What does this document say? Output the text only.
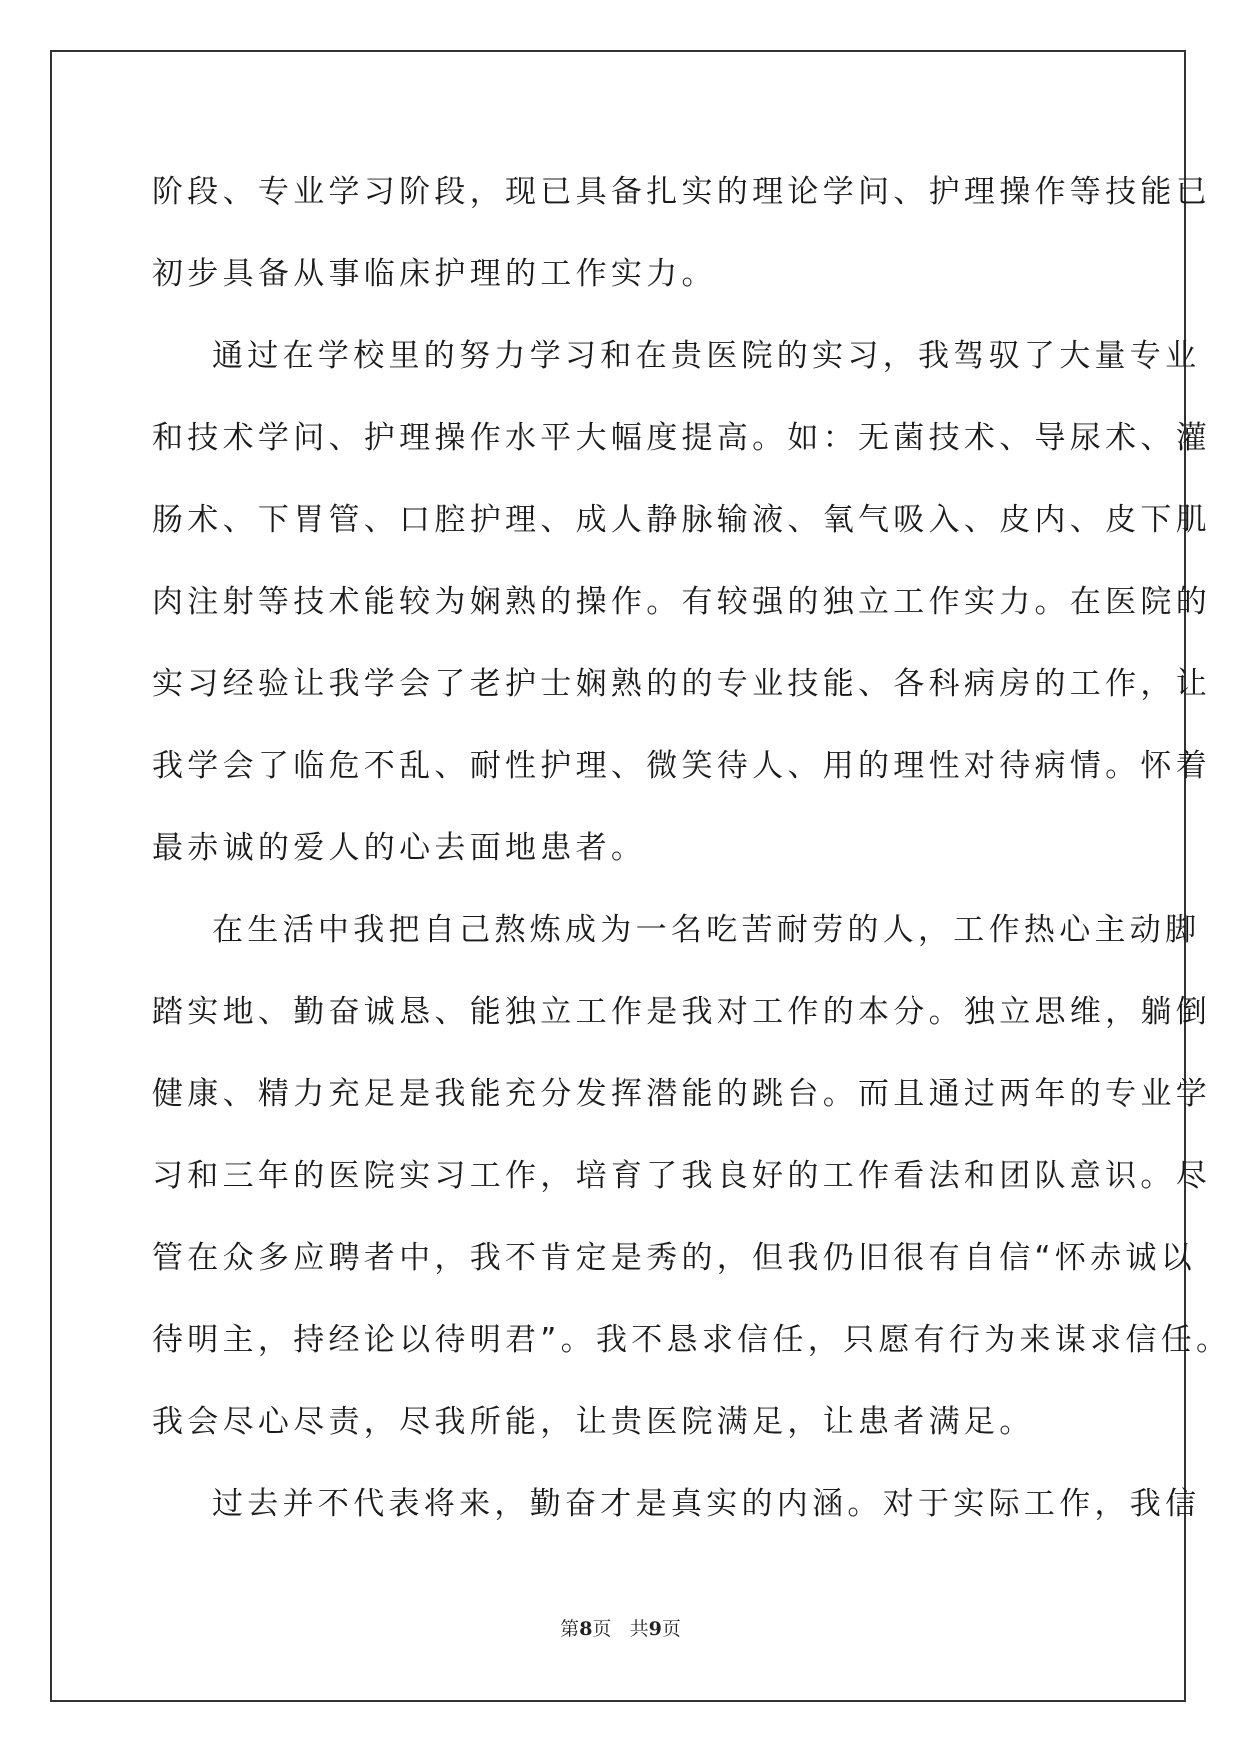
阶段、专业学习阶段，现已具备扎实的理论学问、护理操作等技能已
初步具备从事临床护理的工作实力。
通过在学校里的努力学习和在贵医院的实习，我驾驭了大量专业
和技术学问、护理操作水平大幅度提高。如：无菌技术、导尿术、灌
肠术、下胃管、口腔护理、成人静脉输液、氧气吸入、皮内、皮下肌
肉注射等技术能较为娴熟的操作。有较强的独立工作实力。在医院的
实习经验让我学会了老护士娴熟的的专业技能、各科病房的工作，让
我学会了临危不乱、耐性护理、微笑待人、用的理性对待病情。怀着
最赤诚的爱人的心去面地患者。
在生活中我把自己熬炼成为一名吃苦耐劳的人，工作热心主动脚
踏实地、勤奋诚恳、能独立工作是我对工作的本分。独立思维，躺倒
健康、精力充足是我能充分发挥潜能的跳台。而且通过两年的专业学
习和三年的医院实习工作，培育了我良好的工作看法和团队意识。尽
管在众多应聘者中，我不肯定是秀的，但我仍旧很有自信“怀赤诚以
待明主，持经论以待明君”。我不恳求信任，只愿有行为来谋求信任。
我会尽心尽责，尽我所能，让贵医院满足，让患者满足。
过去并不代表将来，勤奋才是真实的内涵。对于实际工作，我信
第8页 共9页
